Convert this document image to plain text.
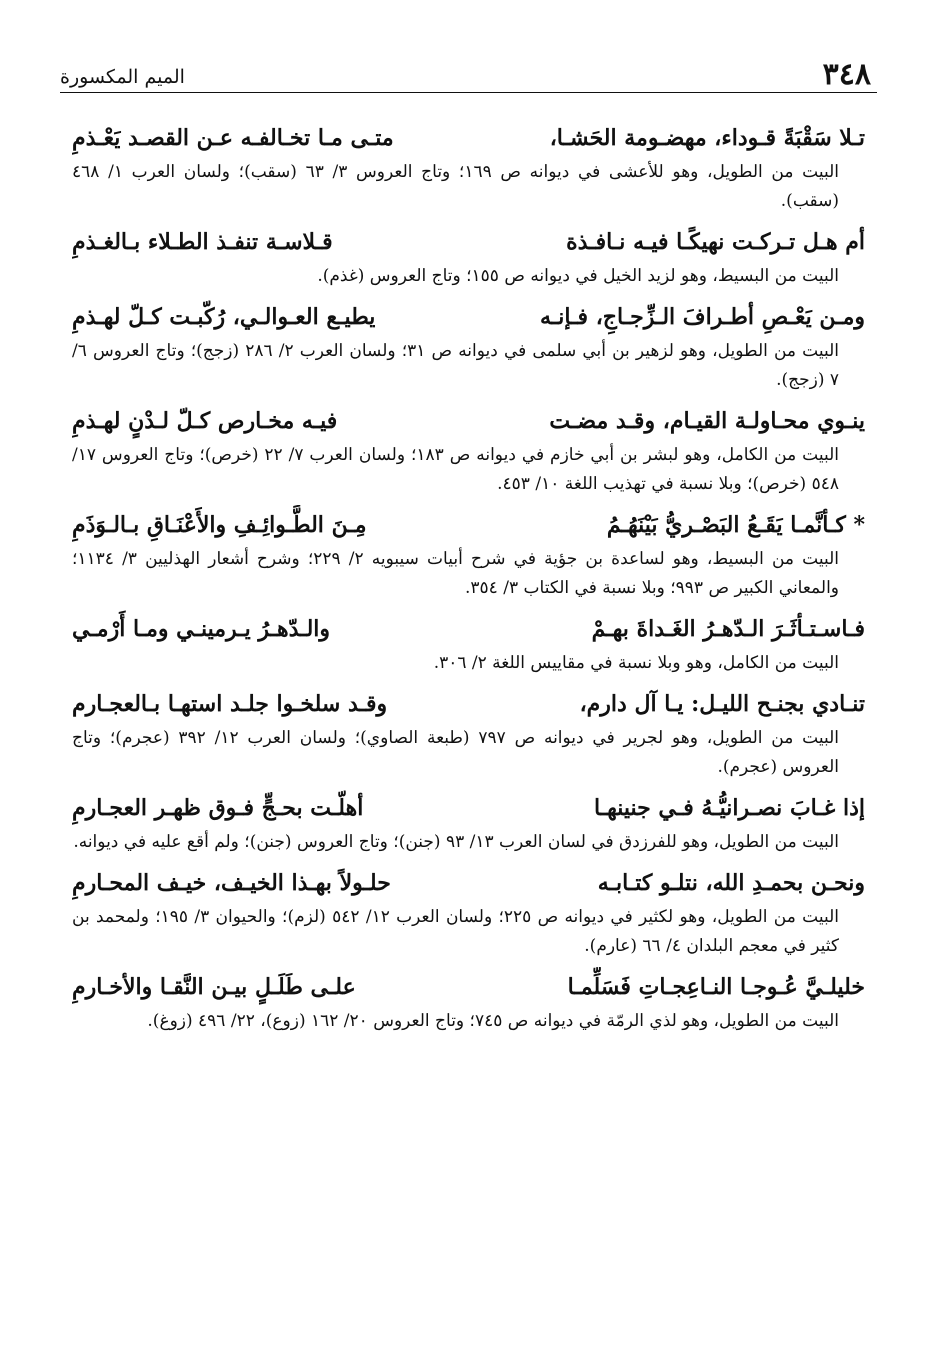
٣٤٨
الميم المكسورة
تـلا سَقْبَةً قـوداء، مهضـومة الحَشـا،
متـى مـا تخـالفـه عـن القصـد يَعْـذمِ
البيت من الطويل، وهو للأعشى في ديوانه ص ١٦٩؛ وتاج العروس ٣/ ٦٣ (سقب)؛ ولسان العرب ١/ ٤٦٨ (سقب).
أم هـل تـركـت نهيكًـا فيـه نـافـذة
قـلاسـة تنفـذ الطـلاء بـالغـذمِ
البيت من البسيط، وهو لزيد الخيل في ديوانه ص ١٥٥؛ وتاج العروس (غذم).
ومـن يَعْـصِ أطـرافَ الـزِّجـاجِ، فـإنـه
يطيـع العـوالـي، رُكّبـت كـلّ لهـذمِ
البيت من الطويل، وهو لزهير بن أبي سلمى في ديوانه ص ٣١؛ ولسان العرب ٢/ ٢٨٦ (زجج)؛ وتاج العروس ٦/ ٧ (زجج).
ينـوي محـاولـة القيـام، وقـد مضـت
فيـه مخـارص كـلّ لـدْنٍ لهـذمِ
البيت من الكامل، وهو لبشر بن أبي خازم في ديوانه ص ١٨٣؛ ولسان العرب ٧/ ٢٢ (خرص)؛ وتاج العروس ١٧/ ٥٤٨ (خرص)؛ وبلا نسبة في تهذيب اللغة ١٠/ ٤٥٣.
* كـأنَّمـا يَقَـعُ البَصْـريُّ بَيْنَهُـمُ
مِـنَ الطَّـوائِـفِ والأَعْنَـاقِ بـالـوَذَمِ
البيت من البسيط، وهو لساعدة بن جؤية في شرح أبيات سيبويه ٢/ ٢٢٩؛ وشرح أشعار الهذليين ٣/ ١١٣٤؛ والمعاني الكبير ص ٩٩٣؛ وبلا نسبة في الكتاب ٣/ ٣٥٤.
فـاسـتـأثَـرَ الـدّهـرُ الغَـداةَ بهـمْ
والـدّهـرُ يـرمينـي ومـا أَرْمـي
البيت من الكامل، وهو وبلا نسبة في مقاييس اللغة ٢/ ٣٠٦.
تنـادي بجنـح الليـل: يـا آل دارم،
وقـد سلخـوا جلـد استهـا بـالعجـارم
البيت من الطويل، وهو لجرير في ديوانه ص ٧٩٧ (طبعة الصاوي)؛ ولسان العرب ١٢/ ٣٩٢ (عجرم)؛ وتاج العروس (عجرم).
إذا غـابَ نصـرانيُّـهُ فـي جنينهـا
أهلّـت بحـجٍّ فـوق ظهـر العجـارمِ
البيت من الطويل، وهو للفرزدق في لسان العرب ١٣/ ٩٣ (جنن)؛ وتاج العروس (جنن)؛ ولم أقع عليه في ديوانه.
ونحـن بحمـدِ الله، نتلـو كتـابـه
حلـولاً بهـذا الخيـف، خيـف المحـارمِ
البيت من الطويل، وهو لكثير في ديوانه ص ٢٢٥؛ ولسان العرب ١٢/ ٥٤٢ (لزم)؛ والحيوان ٣/ ١٩٥؛ ولمحمد بن كثير في معجم البلدان ٤/ ٦٦ (عارم).
خليلـيَّ عُـوجـا النـاعِجـاتِ فَسَلِّمـا
علـى طَلَـلٍ بيـن النَّقـا والأخـارمِ
البيت من الطويل، وهو لذي الرمّة في ديوانه ص ٧٤٥؛ وتاج العروس ٢٠/ ١٦٢ (زوع)، ٢٢/ ٤٩٦ (زوغ).
